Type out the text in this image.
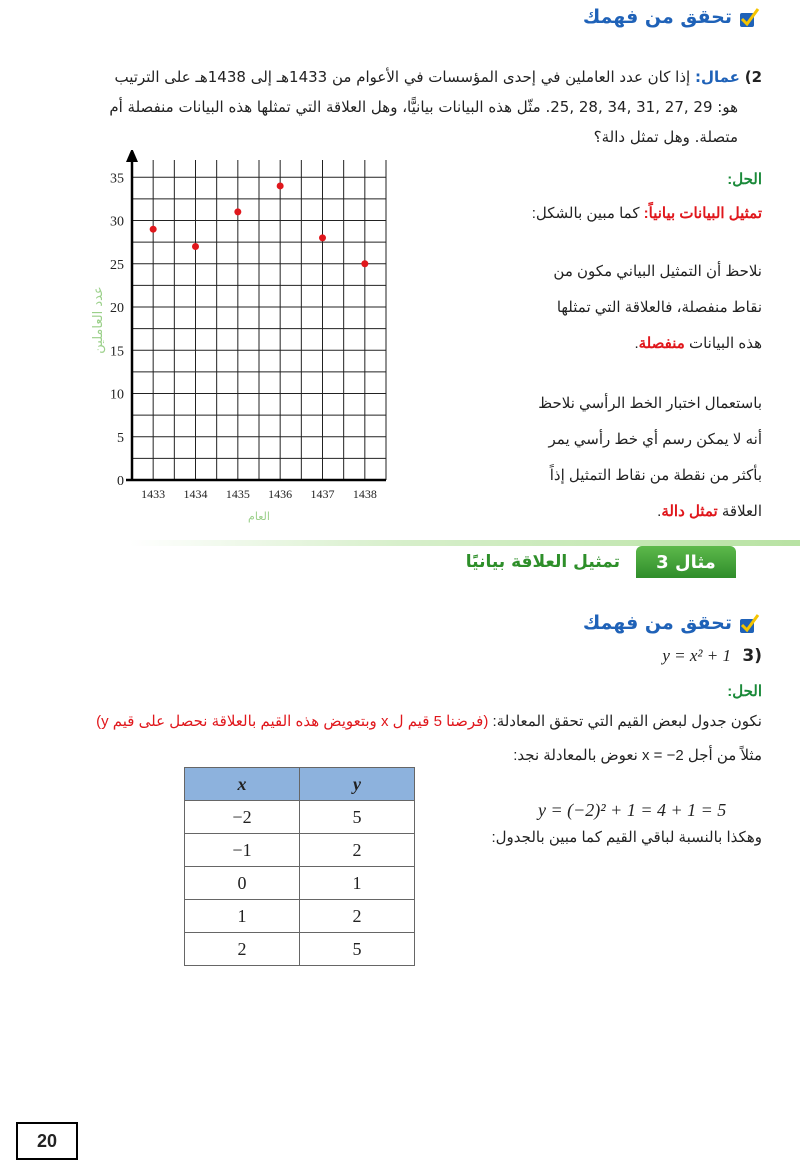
تحقق من فهمك
2) عمال: إذا كان عدد العاملين في إحدى المؤسسات في الأعوام من 1433هـ إلى 1438هـ على الترتيب
هو: 29 ,27 ,31 ,34 ,28 ,25. مثّل هذه البيانات بيانيًّا، وهل العلاقة التي تمثلها هذه البيانات منفصلة أم
متصلة. وهل تمثل دالة؟
الحل:
تمثيل البيانات بيانياً: كما مبين بالشكل:
نلاحظ أن التمثيل البياني مكون من
نقاط منفصلة، فالعلاقة التي تمثلها
هذه البيانات منفصلة.
باستعمال اختبار الخط الرأسي نلاحظ
أنه لا يمكن رسم أي خط رأسي يمر
بأكثر من نقطة من نقاط التمثيل إذاً
العلاقة تمثل دالة.
0
5
10
15
20
25
30
35
1433 1434 1435 1436 1437 1438
العام
عدد العاملين
مثال 3
تمثيل العلاقة بيانيًا
تحقق من فهمك
(3 y = x² + 1
الحل:
نكون جدول لبعض القيم التي تحقق المعادلة: (فرضنا 5 قيم ل x وبتعويض هذه القيم بالعلاقة نحصل على قيم y)
مثلاً من أجل x = −2 نعوض بالمعادلة نجد:
y = (−2)² + 1 = 4 + 1 = 5
وهكذا بالنسبة لباقي القيم كما مبين بالجدول:
x	y
−2	5
−1	2
0	1
1	2
2	5
20
